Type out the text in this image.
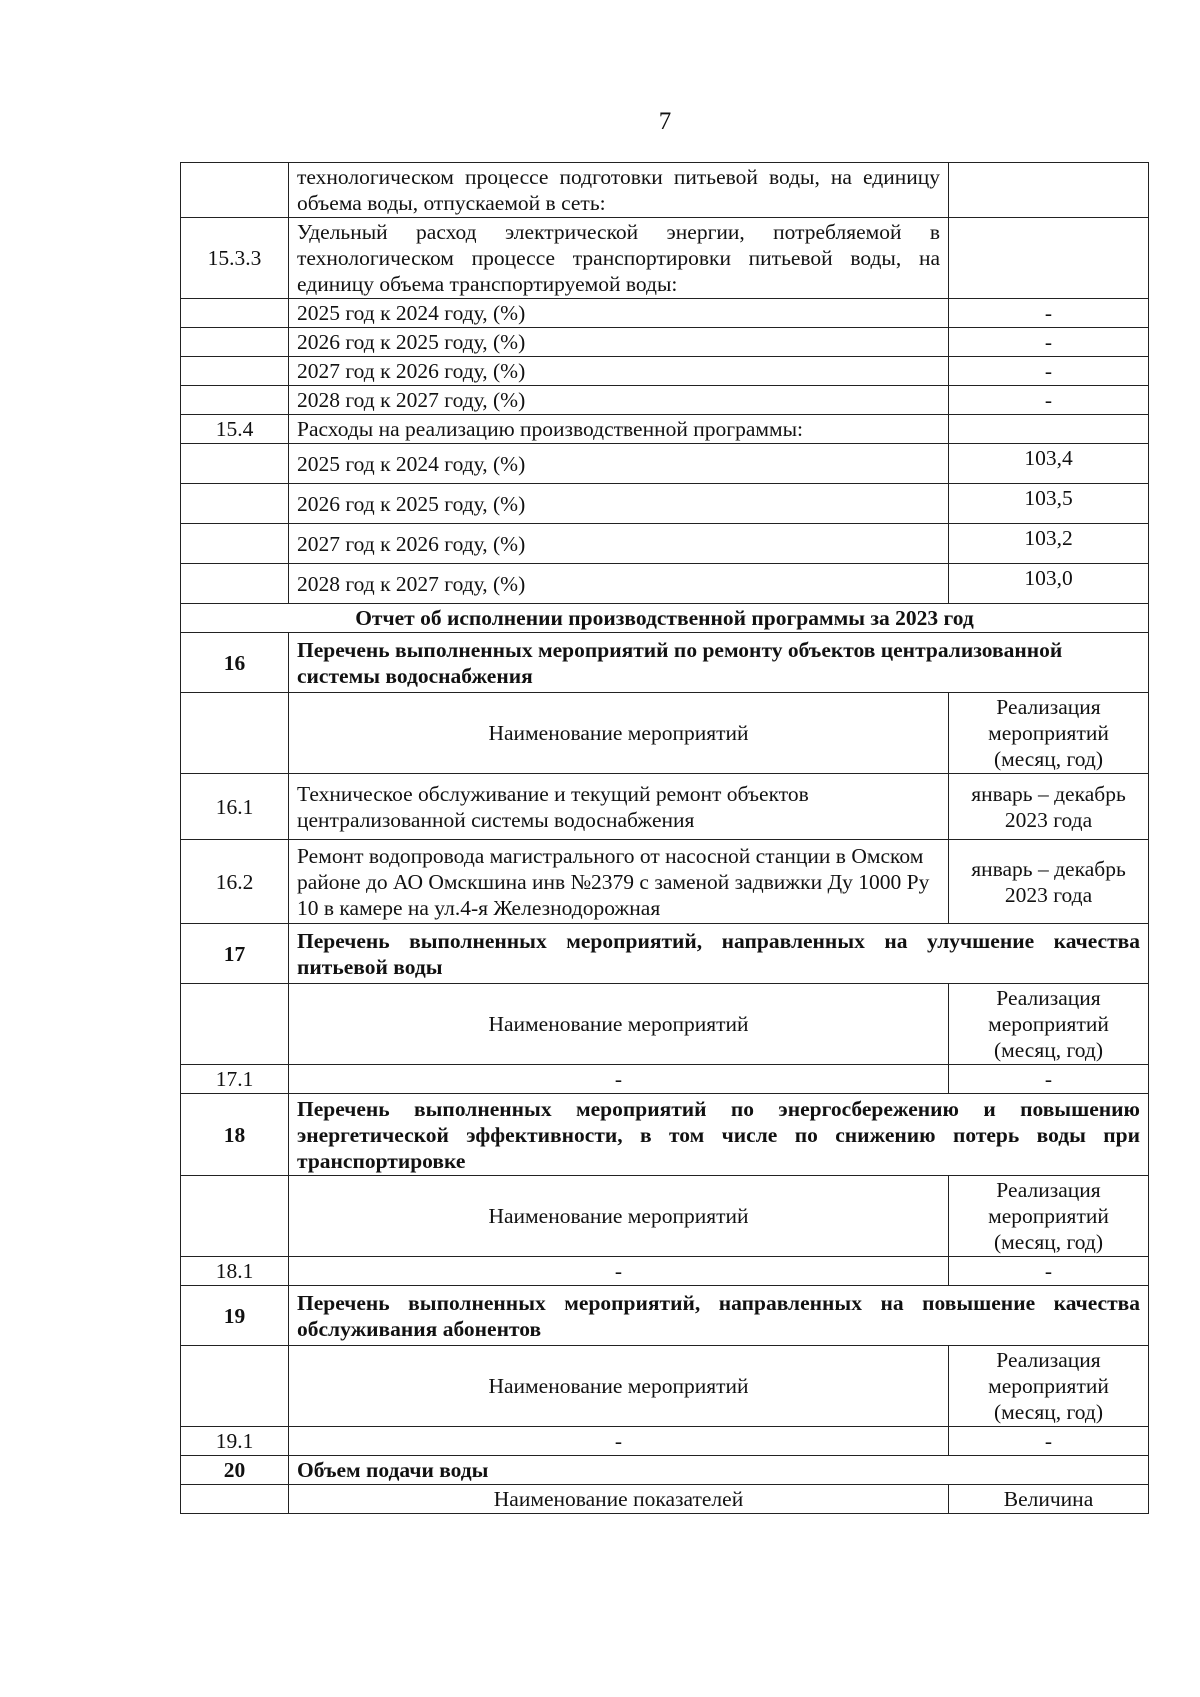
7
	технологическом процессе подготовки питьевой воды, на единицу объема воды, отпускаемой в сеть:	
15.3.3	Удельный расход электрической энергии, потребляемой в технологическом процессе транспортировки питьевой воды, на единицу объема транспортируемой воды:	
	2025 год к 2024 году, (%)	-
	2026 год к 2025 году, (%)	-
	2027 год к 2026 году, (%)	-
	2028 год к 2027 году, (%)	-
15.4	Расходы на реализацию производственной программы:	
	2025 год к 2024 году, (%)	103,4
	2026 год к 2025 году, (%)	103,5
	2027 год к 2026 году, (%)	103,2
	2028 год к 2027 году, (%)	103,0
Отчет об исполнении производственной программы за 2023 год		
16	Перечень выполненных мероприятий по ремонту объектов централизованной системы водоснабжения	
	Наименование мероприятий	Реализация мероприятий (месяц, год)
16.1	Техническое обслуживание и текущий ремонт объектов централизованной системы водоснабжения	январь – декабрь 2023 года
16.2	Ремонт водопровода магистрального от насосной станции в Омском районе до АО Омскшина инв №2379 с заменой задвижки Ду 1000 Ру 10 в камере на ул.4-я Железнодорожная	январь – декабрь 2023 года
17	Перечень выполненных мероприятий, направленных на улучшение качества питьевой воды	
	Наименование мероприятий	Реализация мероприятий (месяц, год)
17.1	-	-
18	Перечень выполненных мероприятий по энергосбережению и повышению энергетической эффективности, в том числе по снижению потерь воды при транспортировке	
	Наименование мероприятий	Реализация мероприятий (месяц, год)
18.1	-	-
19	Перечень выполненных мероприятий, направленных на повышение качества обслуживания абонентов	
	Наименование мероприятий	Реализация мероприятий (месяц, год)
19.1	-	-
20	Объем подачи воды	
	Наименование показателей	Величина
